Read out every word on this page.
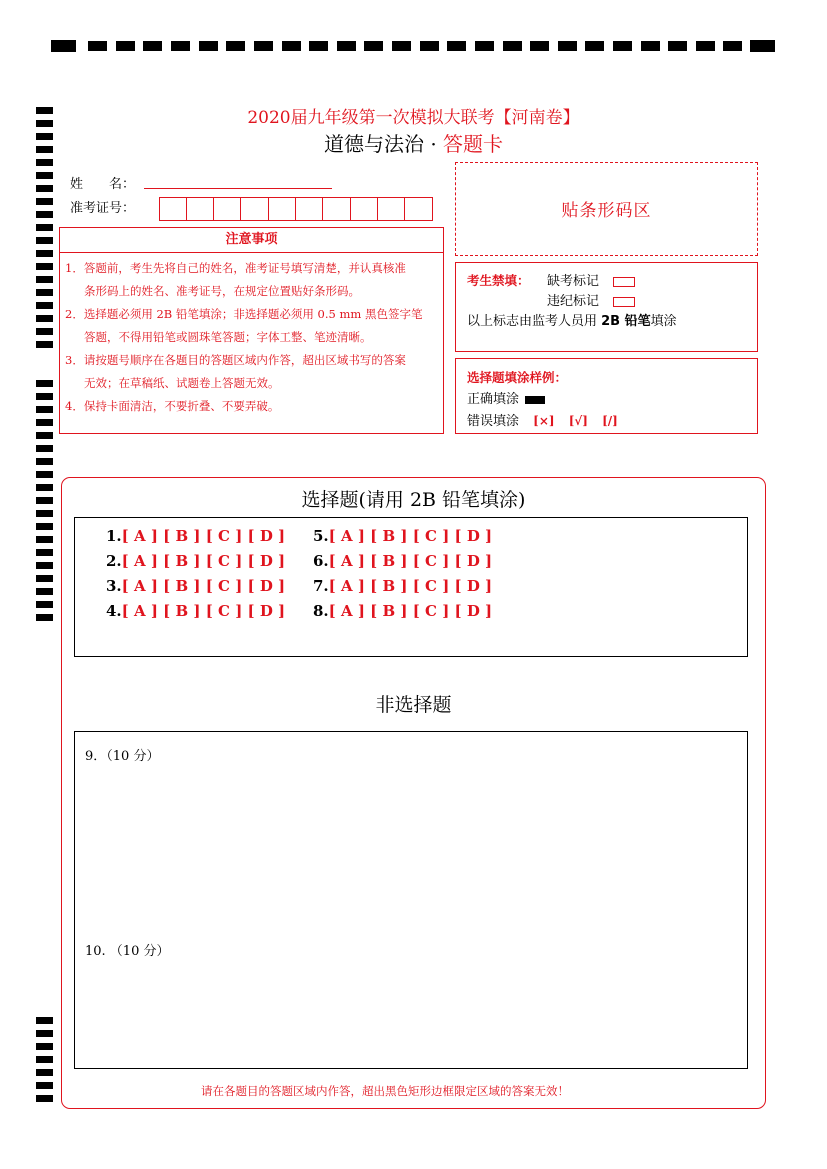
2020届九年级第一次模拟大联考【河南卷】
道德与法治 · 答题卡
姓　　名：
准考证号：	贴条形码区
注意事项

1．答题前，考生先将自己的姓名，准考证号填写清楚，并认真核准

条形码上的姓名、准考证号，在规定位置贴好条形码。

2．选择题必须用 2B 铅笔填涂；非选择题必须用 0.5 mm 黑色签字笔

答题，不得用铅笔或圆珠笔答题；字体工整、笔迹清晰。

3．请按题号顺序在各题目的答题区域内作答，超出区域书写的答案

无效；在草稿纸、试题卷上答题无效。

4．保持卡面清洁，不要折叠、不要弄破。

考生禁填： 缺考标记
违纪标记
以上标志由监考人员用 2B 铅笔填涂
选择题填涂样例：
正确填涂
错误填涂 [×] [√] [/]
选择题(请用 2B 铅笔填涂)
1.[ A ] [ B ] [ C ] [ D ]
2.[ A ] [ B ] [ C ] [ D ]
3.[ A ] [ B ] [ C ] [ D ]
4.[ A ] [ B ] [ C ] [ D ]
5.[ A ] [ B ] [ C ] [ D ]
6.[ A ] [ B ] [ C ] [ D ]
7.[ A ] [ B ] [ C ] [ D ]
8.[ A ] [ B ] [ C ] [ D ]
非选择题
9．（10 分）
10. （10 分）
请在各题目的答题区域内作答，超出黑色矩形边框限定区域的答案无效！
